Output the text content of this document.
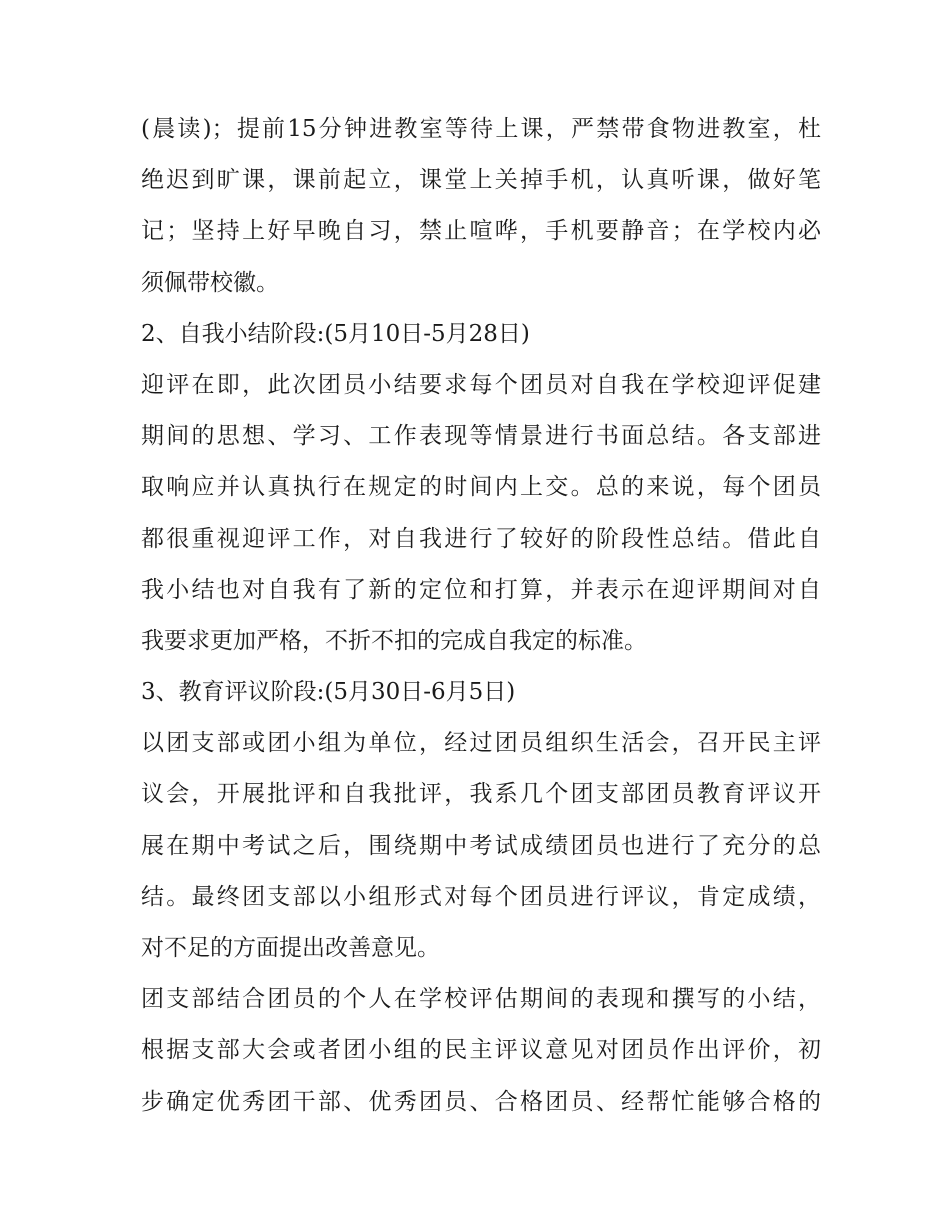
(晨读)；提前15分钟进教室等待上课，严禁带食物进教室，杜
绝迟到旷课，课前起立，课堂上关掉手机，认真听课，做好笔
记；坚持上好早晚自习，禁止喧哗，手机要静音；在学校内必
须佩带校徽。
2、自我小结阶段:(5月10日-5月28日)
迎评在即，此次团员小结要求每个团员对自我在学校迎评促建
期间的思想、学习、工作表现等情景进行书面总结。各支部进
取响应并认真执行在规定的时间内上交。总的来说，每个团员
都很重视迎评工作，对自我进行了较好的阶段性总结。借此自
我小结也对自我有了新的定位和打算，并表示在迎评期间对自
我要求更加严格，不折不扣的完成自我定的标准。
3、教育评议阶段:(5月30日-6月5日)
以团支部或团小组为单位，经过团员组织生活会，召开民主评
议会，开展批评和自我批评，我系几个团支部团员教育评议开
展在期中考试之后，围绕期中考试成绩团员也进行了充分的总
结。最终团支部以小组形式对每个团员进行评议，肯定成绩，
对不足的方面提出改善意见。
团支部结合团员的个人在学校评估期间的表现和撰写的小结，
根据支部大会或者团小组的民主评议意见对团员作出评价，初
步确定优秀团干部、优秀团员、合格团员、经帮忙能够合格的
